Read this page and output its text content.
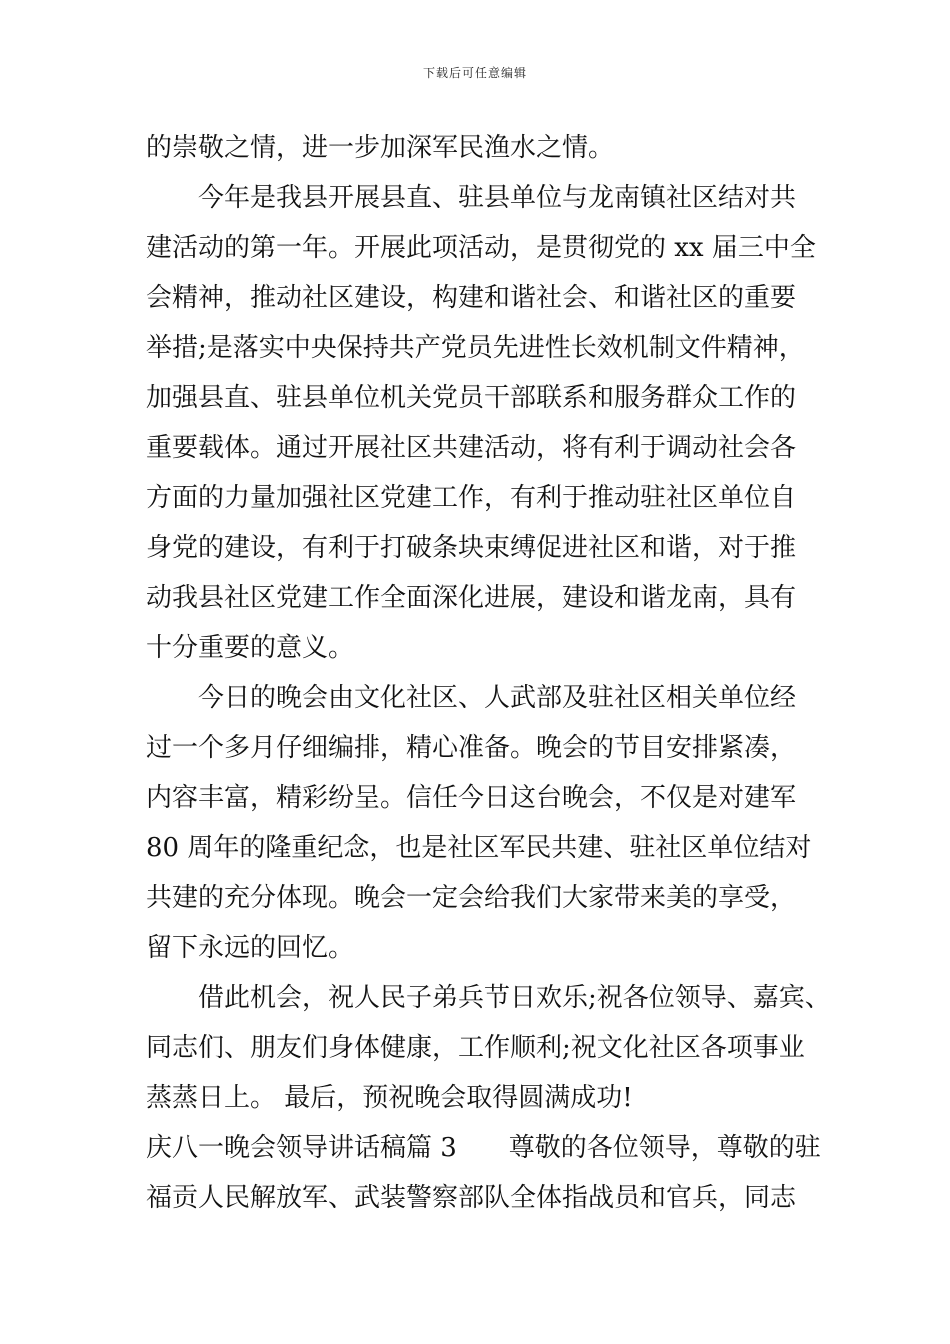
下载后可任意编辑
的崇敬之情，进一步加深军民渔水之情。
今年是我县开展县直、驻县单位与龙南镇社区结对共
建活动的第一年。开展此项活动，是贯彻党的 xx 届三中全
会精神，推动社区建设，构建和谐社会、和谐社区的重要
举措;是落实中央保持共产党员先进性长效机制文件精神，
加强县直、驻县单位机关党员干部联系和服务群众工作的
重要载体。通过开展社区共建活动，将有利于调动社会各
方面的力量加强社区党建工作，有利于推动驻社区单位自
身党的建设，有利于打破条块束缚促进社区和谐，对于推
动我县社区党建工作全面深化进展，建设和谐龙南，具有
十分重要的意义。
今日的晚会由文化社区、人武部及驻社区相关单位经
过一个多月仔细编排，精心准备。晚会的节目安排紧凑，
内容丰富，精彩纷呈。信任今日这台晚会，不仅是对建军
80 周年的隆重纪念，也是社区军民共建、驻社区单位结对
共建的充分体现。晚会一定会给我们大家带来美的享受，
留下永远的回忆。
借此机会，祝人民子弟兵节日欢乐;祝各位领导、嘉宾、
同志们、朋友们身体健康，工作顺利;祝文化社区各项事业
蒸蒸日上。 最后，预祝晚会取得圆满成功!
庆八一晚会领导讲话稿篇 3　　尊敬的各位领导，尊敬的驻
福贡人民解放军、武装警察部队全体指战员和官兵，同志
